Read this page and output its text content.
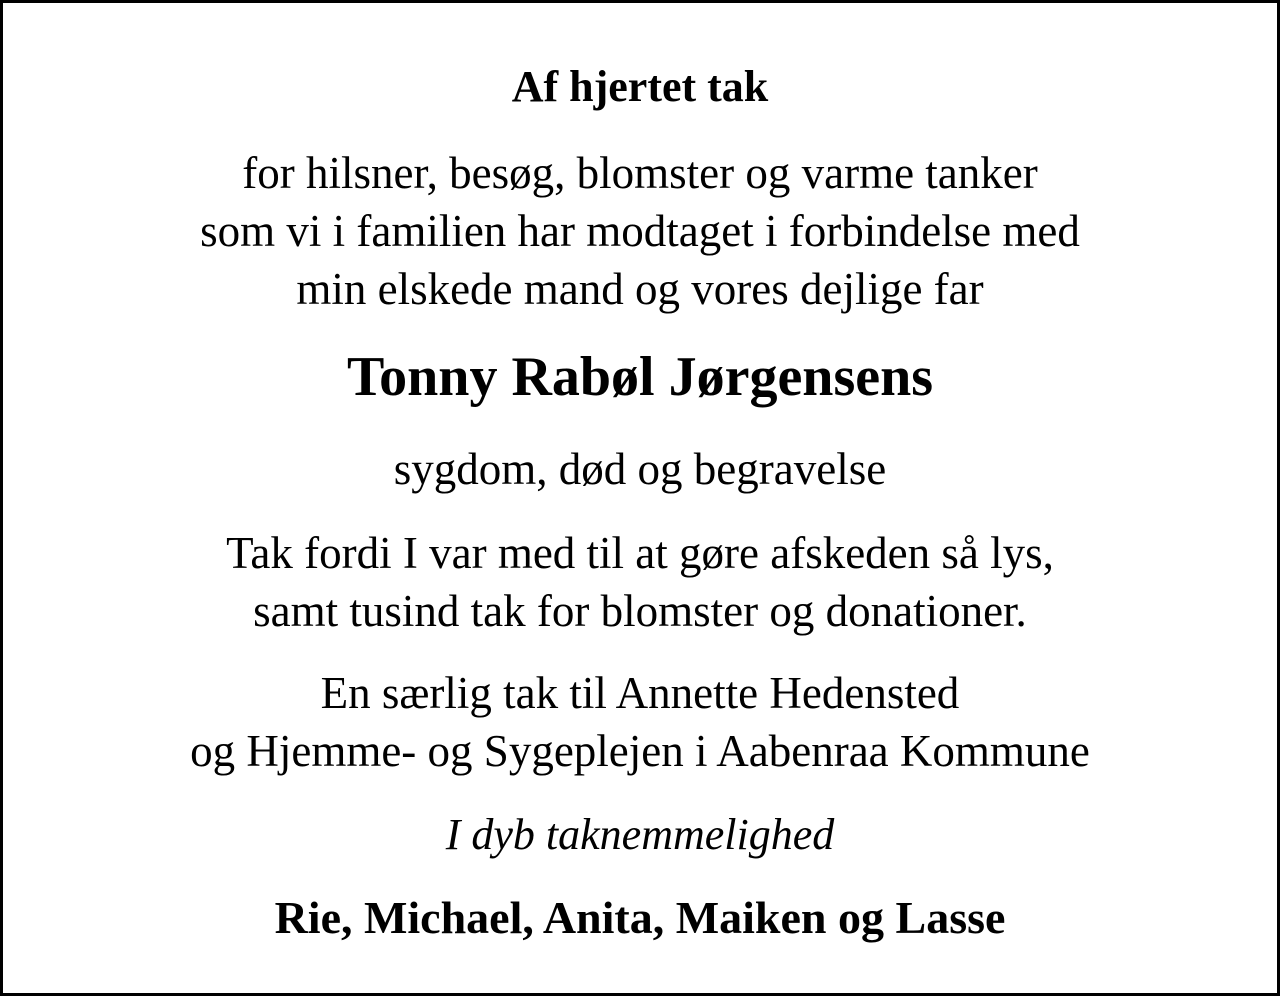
Af hjertet tak
for hilsner, besøg, blomster og varme tanker
som vi i familien har modtaget i forbindelse med
min elskede mand og vores dejlige far
Tonny Rabøl Jørgensens
sygdom, død og begravelse
Tak fordi I var med til at gøre afskeden så lys,
samt tusind tak for blomster og donationer.
En særlig tak til Annette Hedensted
og Hjemme- og Sygeplejen i Aabenraa Kommune
I dyb taknemmelighed
Rie, Michael, Anita, Maiken og Lasse
